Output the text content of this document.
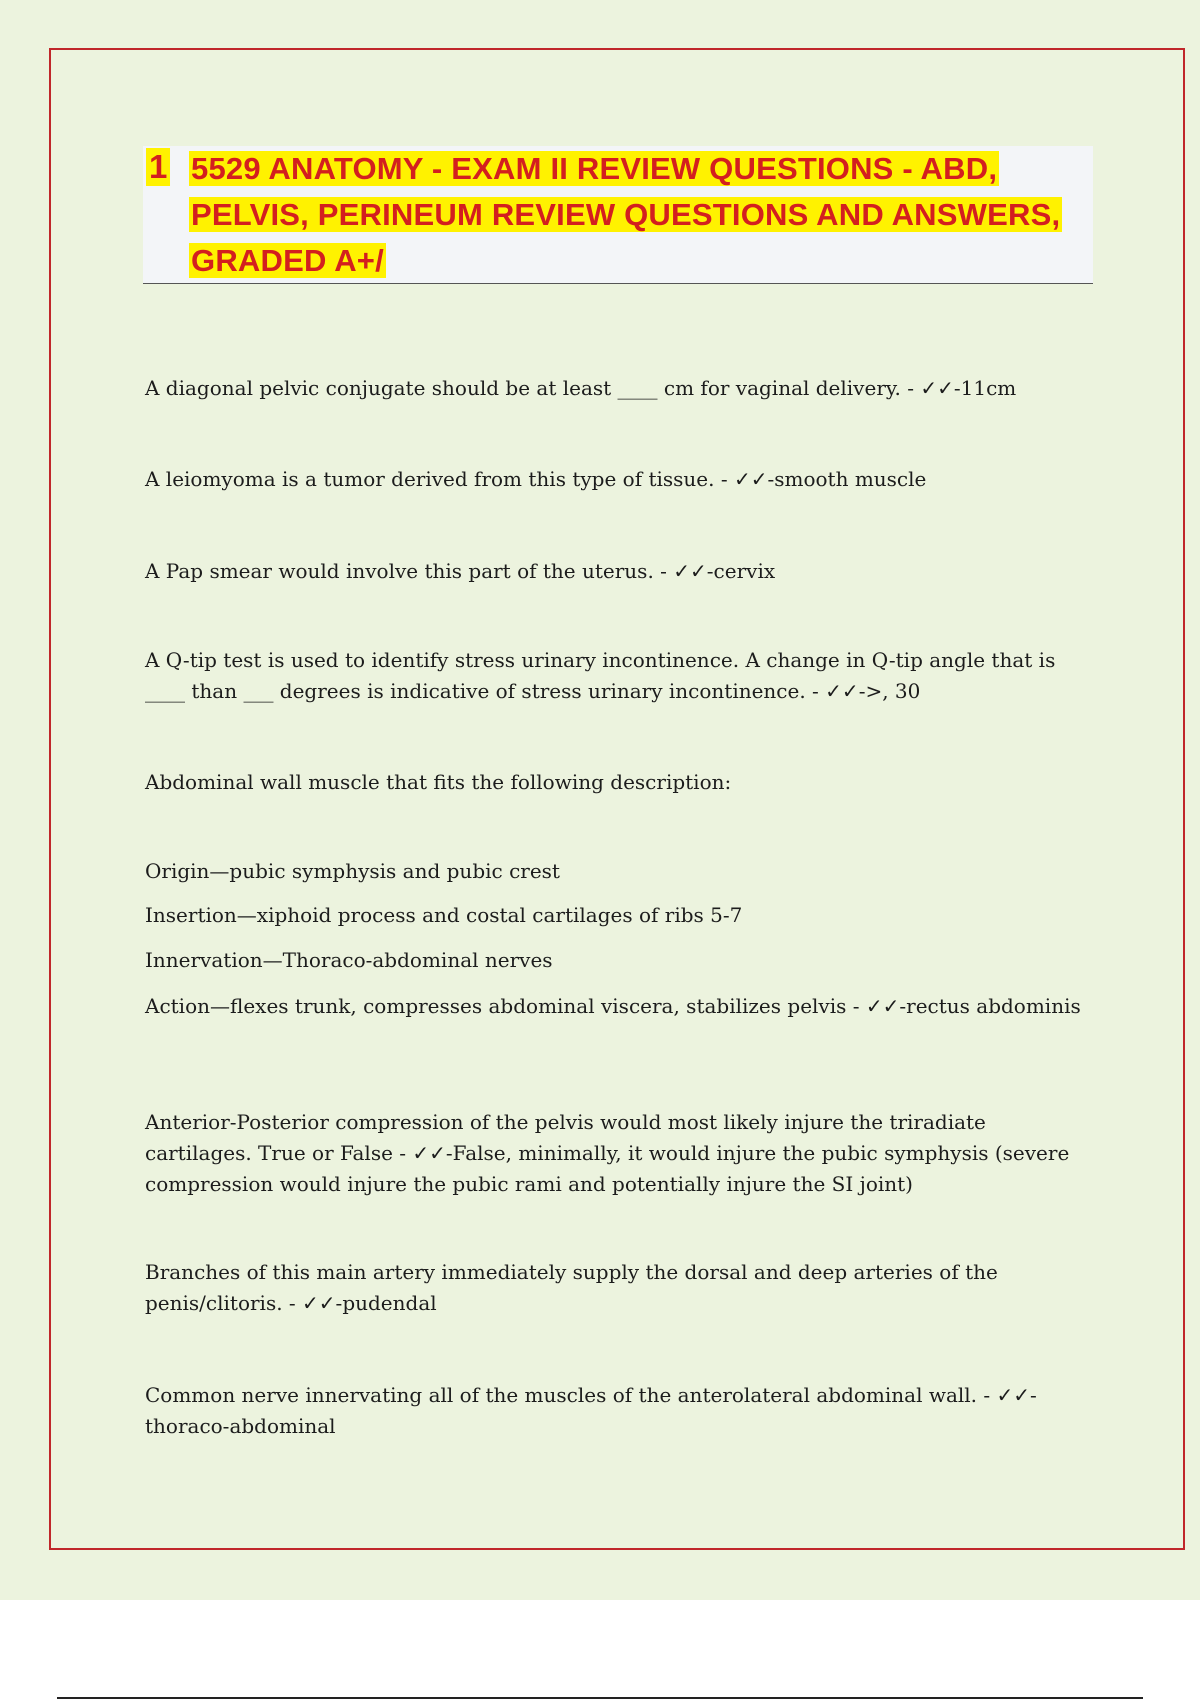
1 5529 ANATOMY - EXAM II REVIEW QUESTIONS - ABD, PELVIS, PERINEUM REVIEW QUESTIONS AND ANSWERS, GRADED A+/

A diagonal pelvic conjugate should be at least ____ cm for vaginal delivery. - ✓✓-11cm

A leiomyoma is a tumor derived from this type of tissue. - ✓✓-smooth muscle

A Pap smear would involve this part of the uterus. - ✓✓-cervix

A Q-tip test is used to identify stress urinary incontinence. A change in Q-tip angle that is ____ than ___ degrees is indicative of stress urinary incontinence. - ✓✓->, 30

Abdominal wall muscle that fits the following description:

Origin—pubic symphysis and pubic crest

Insertion—xiphoid process and costal cartilages of ribs 5-7

Innervation—Thoraco-abdominal nerves

Action—flexes trunk, compresses abdominal viscera, stabilizes pelvis - ✓✓-rectus abdominis

Anterior-Posterior compression of the pelvis would most likely injure the triradiate cartilages. True or False - ✓✓-False, minimally, it would injure the pubic symphysis (severe compression would injure the pubic rami and potentially injure the SI joint)

Branches of this main artery immediately supply the dorsal and deep arteries of the penis/clitoris. - ✓✓-pudendal

Common nerve innervating all of the muscles of the anterolateral abdominal wall. - ✓✓-thoraco-abdominal
